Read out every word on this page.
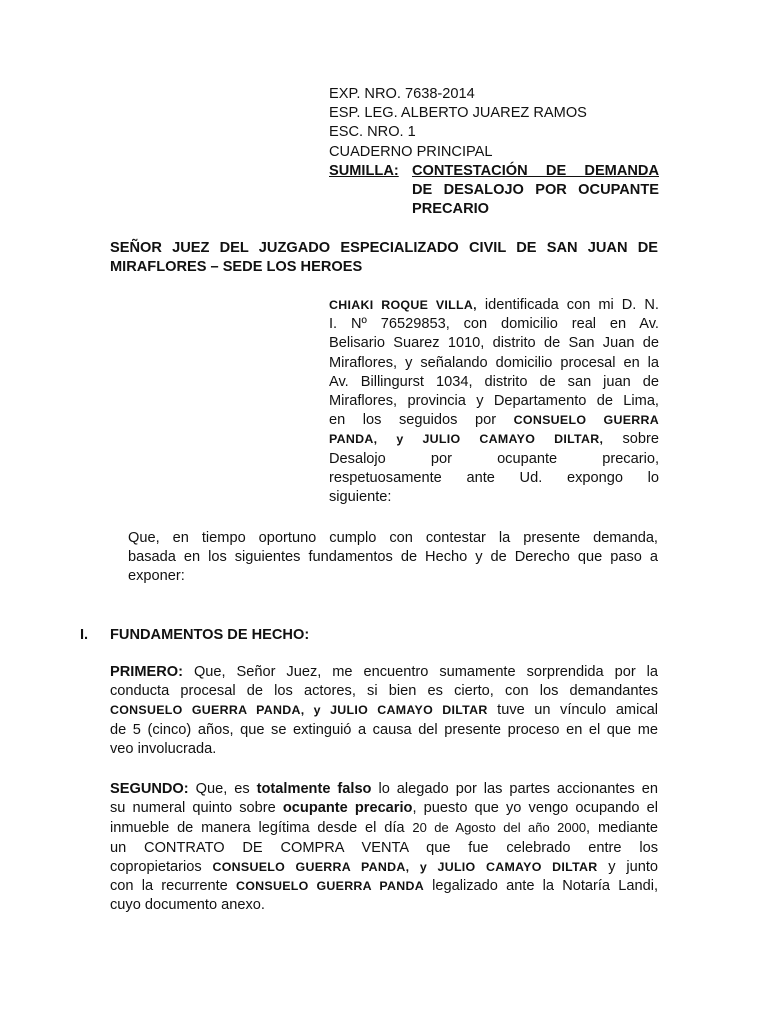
EXP. NRO. 7638-2014
ESP. LEG. ALBERTO JUAREZ RAMOS
ESC. NRO. 1
CUADERNO PRINCIPAL
SUMILLA: CONTESTACIÓN DE DEMANDA
DE DESALOJO POR OCUPANTE
PRECARIO
SEÑOR JUEZ DEL JUZGADO ESPECIALIZADO CIVIL DE SAN JUAN DE
MIRAFLORES – SEDE LOS HEROES
CHIAKI ROQUE VILLA, identificada con mi D. N.
I. Nº 76529853, con domicilio real en Av.
Belisario Suarez 1010, distrito de San Juan de
Miraflores, y señalando domicilio procesal en la
Av. Billingurst 1034, distrito de san juan de
Miraflores, provincia y Departamento de Lima,
en los seguidos por CONSUELO GUERRA
PANDA, y JULIO CAMAYO DILTAR, sobre
Desalojo por ocupante precario,
respetuosamente ante Ud. expongo lo
siguiente:
Que, en tiempo oportuno cumplo con contestar la presente demanda,
basada en los siguientes fundamentos de Hecho y de Derecho que paso a
exponer:
I. FUNDAMENTOS DE HECHO:
PRIMERO: Que, Señor Juez, me encuentro sumamente sorprendida por la
conducta procesal de los actores, si bien es cierto, con los demandantes
CONSUELO GUERRA PANDA, y JULIO CAMAYO DILTAR tuve un vínculo amical
de 5 (cinco) años, que se extinguió a causa del presente proceso en el que me
veo involucrada.
SEGUNDO: Que, es totalmente falso lo alegado por las partes accionantes en
su numeral quinto sobre ocupante precario, puesto que yo vengo ocupando el
inmueble de manera legítima desde el día 20 de Agosto del año 2000, mediante
un CONTRATO DE COMPRA VENTA que fue celebrado entre los
copropietarios CONSUELO GUERRA PANDA, y JULIO CAMAYO DILTAR y junto
con la recurrente CONSUELO GUERRA PANDA legalizado ante la Notaría Landi,
cuyo documento anexo.
